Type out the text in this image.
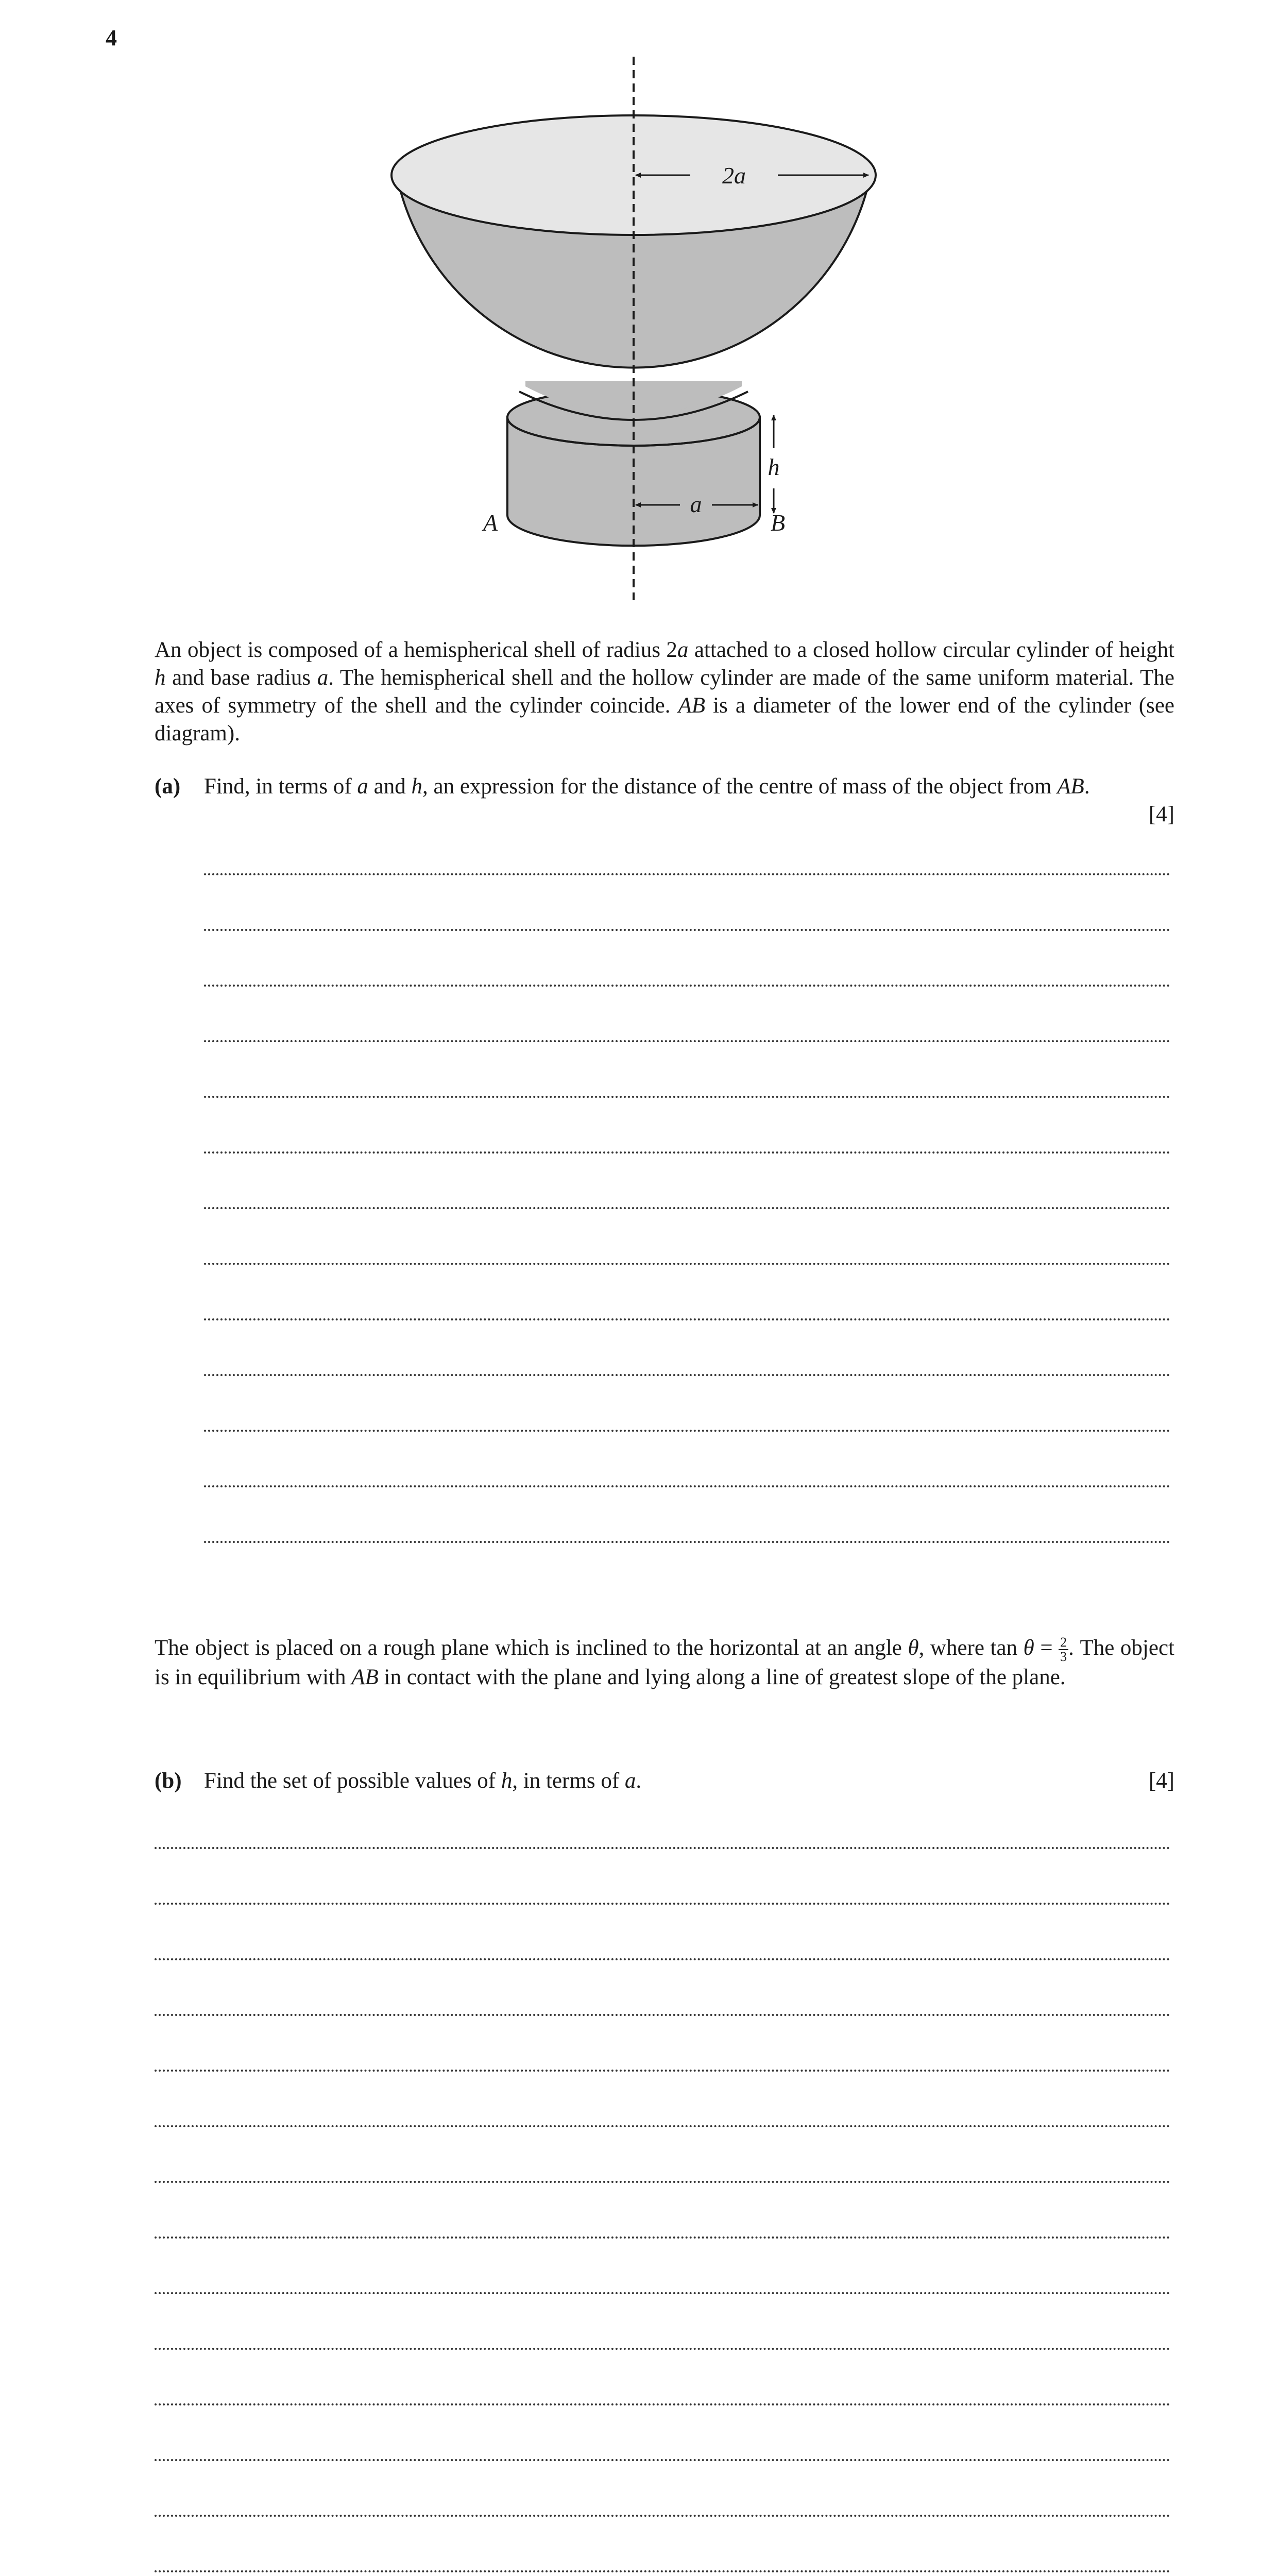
4
2a
h
a
A	B

An object is composed of a hemispherical shell of radius 2a attached to a closed hollow circular cylinder of height h and base radius a. The hemispherical shell and the hollow cylinder are made of the same uniform material. The axes of symmetry of the shell and the cylinder coincide. AB is a diameter of the lower end of the cylinder (see diagram).

(a) Find, in terms of a and h, an expression for the distance of the centre of mass of the object from AB.
[4]

The object is placed on a rough plane which is inclined to the horizontal at an angle θ, where $\tan \theta = \frac{2}{3}$ . The object is in equilibrium with AB in contact with the plane and lying along a line of greatest slope of the plane.

(b) Find the set of possible values of h, in terms of a.	[4]
